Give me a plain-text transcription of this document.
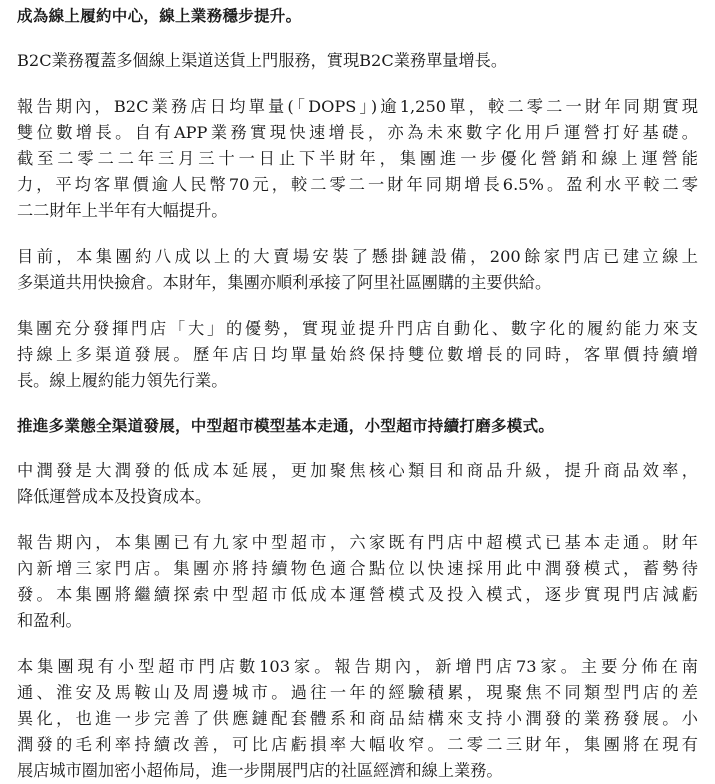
成為線上履約中心，線上業務穩步提升。

B2C業務覆蓋多個線上渠道送貨上門服務，實現B2C業務單量增長。

報告期內，B2C業務店日均單量(「DOPS」)逾1,250單，較二零二一財年同期實現
雙位數增長。自有APP業務實現快速增長，亦為未來數字化用戶運營打好基礎。
截至二零二二年三月三十一日止下半財年，集團進一步優化營銷和線上運營能
力，平均客單價逾人民幣70元，較二零二一財年同期增長6.5%。盈利水平較二零
二二財年上半年有大幅提升。

目前，本集團約八成以上的大賣場安裝了懸掛鏈設備，200餘家門店已建立線上
多渠道共用快撿倉。本財年，集團亦順利承接了阿里社區團購的主要供給。

集團充分發揮門店「大」的優勢，實現並提升門店自動化、數字化的履約能力來支
持線上多渠道發展。歷年店日均單量始終保持雙位數增長的同時，客單價持續增
長。線上履約能力領先行業。

推進多業態全渠道發展，中型超市模型基本走通，小型超市持續打磨多模式。

中潤發是大潤發的低成本延展，更加聚焦核心類目和商品升級，提升商品效率，
降低運營成本及投資成本。

報告期內，本集團已有九家中型超市，六家既有門店中超模式已基本走通。財年
內新增三家門店。集團亦將持續物色適合點位以快速採用此中潤發模式，蓄勢待
發。本集團將繼續探索中型超市低成本運營模式及投入模式，逐步實現門店減虧
和盈利。

本集團現有小型超市門店數103家。報告期內，新增門店73家。主要分佈在南
通、淮安及馬鞍山及周邊城市。過往一年的經驗積累，現聚焦不同類型門店的差
異化，也進一步完善了供應鏈配套體系和商品結構來支持小潤發的業務發展。小
潤發的毛利率持續改善，可比店虧損率大幅收窄。二零二三財年，集團將在現有
展店城市圈加密小超佈局，進一步開展門店的社區經濟和線上業務。
